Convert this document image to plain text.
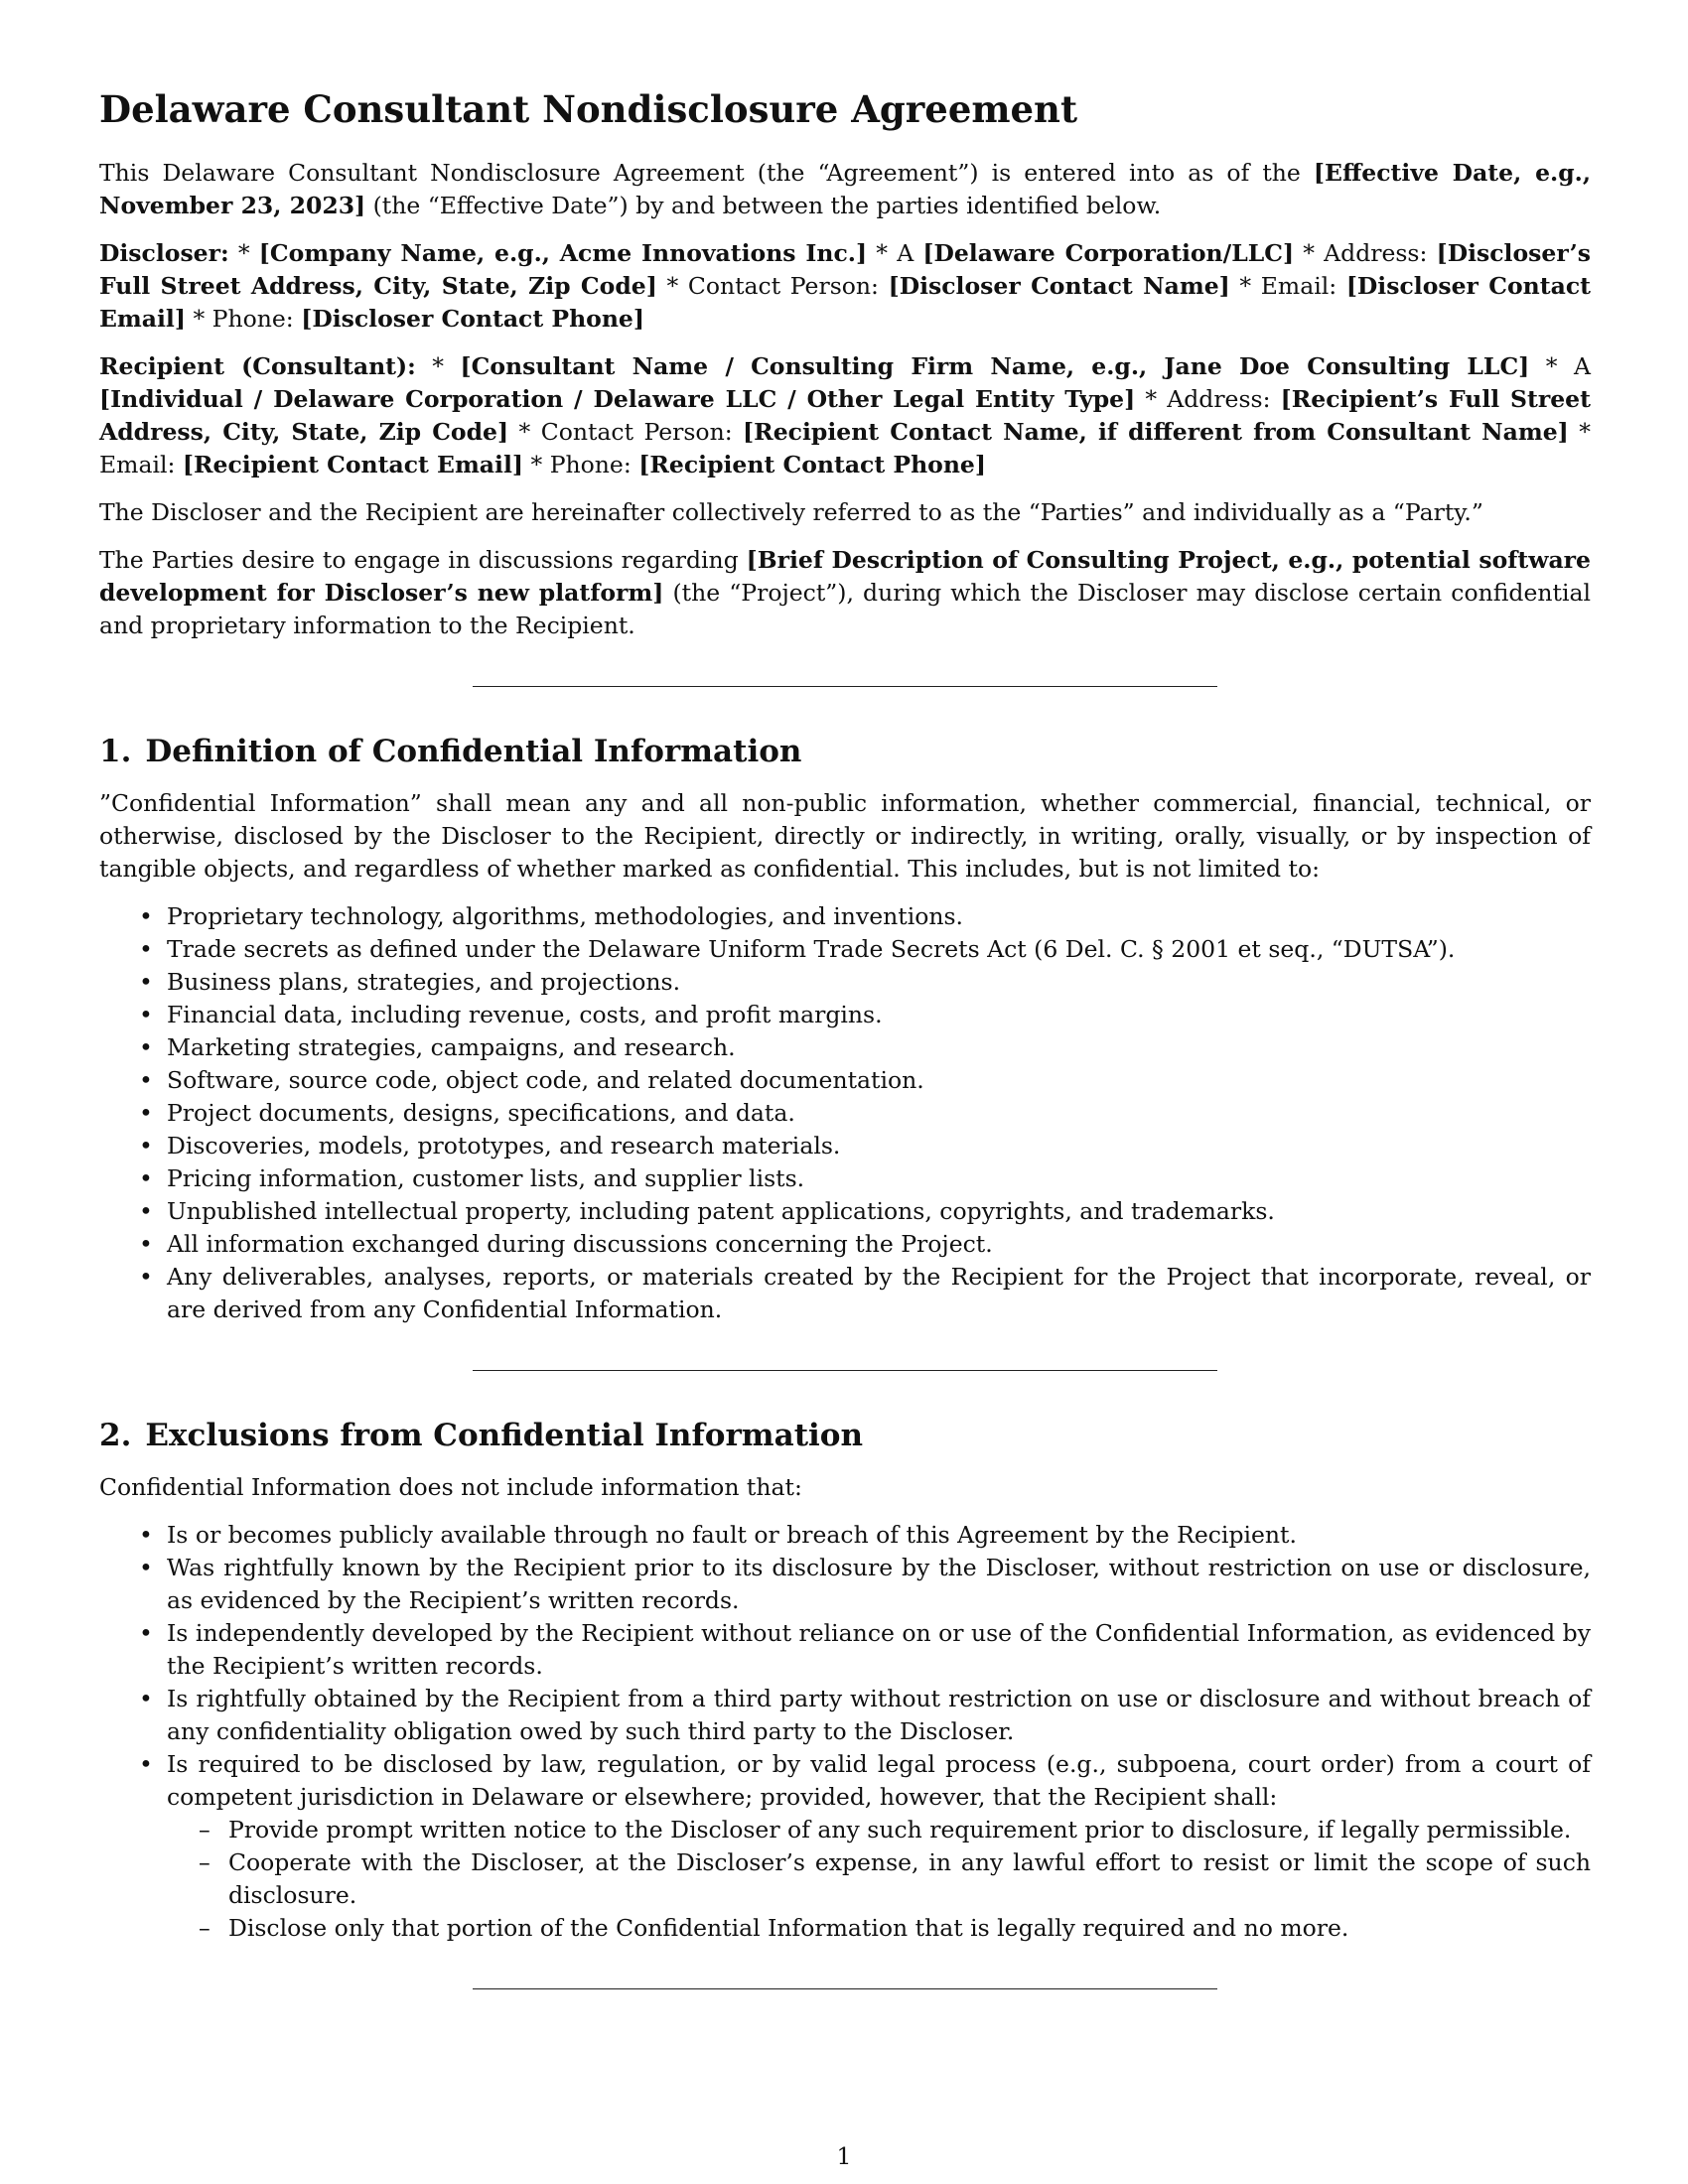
Delaware Consultant Nondisclosure Agreement

This Delaware Consultant Nondisclosure Agreement (the “Agreement”) is entered into as of the [Effective Date, e.g., November 23, 2023] (the “Effective Date”) by and between the parties identified below.

Discloser: * [Company Name, e.g., Acme Innovations Inc.] * A [Delaware Corporation/LLC] * Address: [Discloser’s Full Street Address, City, State, Zip Code] * Contact Person: [Discloser Contact Name] * Email: [Discloser Contact Email] * Phone: [Discloser Contact Phone]

Recipient (Consultant): * [Consultant Name / Consulting Firm Name, e.g., Jane Doe Consulting LLC] * A [Individual / Delaware Corporation / Delaware LLC / Other Legal Entity Type] * Address: [Recipient’s Full Street Address, City, State, Zip Code] * Contact Person: [Recipient Contact Name, if different from Consultant Name] * Email: [Recipient Contact Email] * Phone: [Recipient Contact Phone]

The Discloser and the Recipient are hereinafter collectively referred to as the “Parties” and individually as a “Party.”

The Parties desire to engage in discussions regarding [Brief Description of Consulting Project, e.g., potential software development for Discloser’s new platform] (the “Project”), during which the Discloser may disclose certain confidential and proprietary information to the Recipient.

1. Definition of Confidential Information

”Confidential Information” shall mean any and all non-public information, whether commercial, financial, technical, or otherwise, disclosed by the Discloser to the Recipient, directly or indirectly, in writing, orally, visually, or by inspection of tangible objects, and regardless of whether marked as confidential. This includes, but is not limited to:

• Proprietary technology, algorithms, methodologies, and inventions.
• Trade secrets as defined under the Delaware Uniform Trade Secrets Act (6 Del. C. § 2001 et seq., “DUTSA”).
• Business plans, strategies, and projections.
• Financial data, including revenue, costs, and profit margins.
• Marketing strategies, campaigns, and research.
• Software, source code, object code, and related documentation.
• Project documents, designs, specifications, and data.
• Discoveries, models, prototypes, and research materials.
• Pricing information, customer lists, and supplier lists.
• Unpublished intellectual property, including patent applications, copyrights, and trademarks.
• All information exchanged during discussions concerning the Project.
• Any deliverables, analyses, reports, or materials created by the Recipient for the Project that incorporate, reveal, or are derived from any Confidential Information.
2. Exclusions from Confidential Information

Confidential Information does not include information that:

• Is or becomes publicly available through no fault or breach of this Agreement by the Recipient.
• Was rightfully known by the Recipient prior to its disclosure by the Discloser, without restriction on use or disclosure, as evidenced by the Recipient’s written records.
• Is independently developed by the Recipient without reliance on or use of the Confidential Information, as evidenced by the Recipient’s written records.
• Is rightfully obtained by the Recipient from a third party without restriction on use or disclosure and without breach of any confidentiality obligation owed by such third party to the Discloser.
• Is required to be disclosed by law, regulation, or by valid legal process (e.g., subpoena, court order) from a court of competent jurisdiction in Delaware or elsewhere; provided, however, that the Recipient shall:
– Provide prompt written notice to the Discloser of any such requirement prior to disclosure, if legally permissible.
– Cooperate with the Discloser, at the Discloser’s expense, in any lawful effort to resist or limit the scope of such disclosure.
– Disclose only that portion of the Confidential Information that is legally required and no more.
1
